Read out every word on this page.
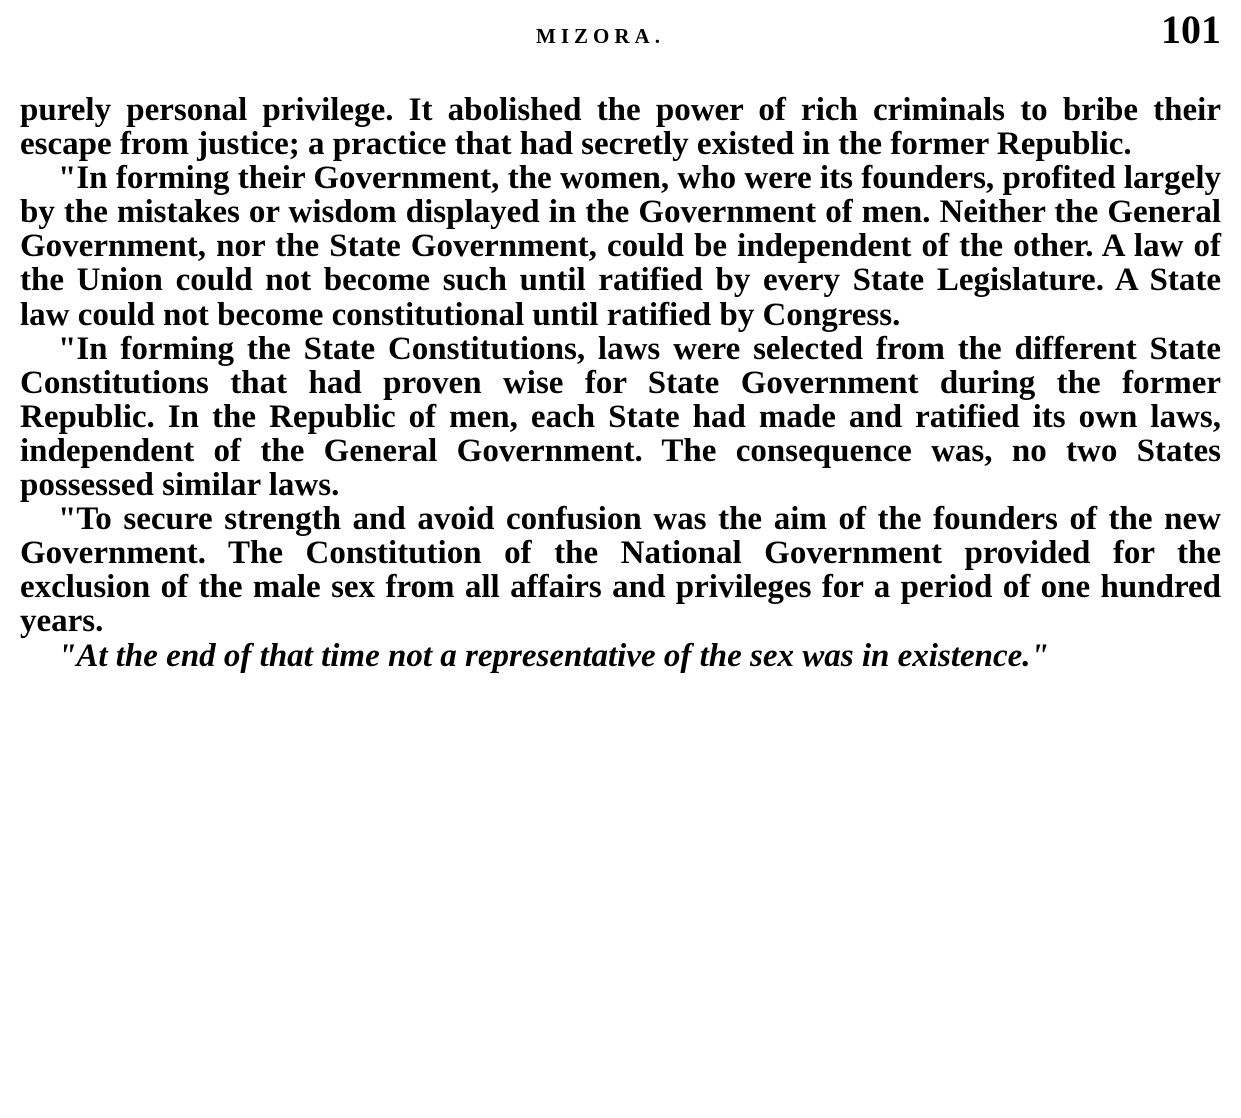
MIZORA.	101

purely personal privilege. It abolished the power of rich criminals to bribe their escape from justice; a practice that had secretly existed in the former Republic.

"In forming their Government, the women, who were its founders, profited largely by the mistakes or wisdom displayed in the Government of men. Neither the General Government, nor the State Government, could be independent of the other. A law of the Union could not become such until ratified by every State Legislature. A State law could not become constitutional until ratified by Congress.

"In forming the State Constitutions, laws were selected from the different State Constitutions that had proven wise for State Government during the former Republic. In the Republic of men, each State had made and ratified its own laws, independent of the General Government. The consequence was, no two States possessed similar laws.

"To secure strength and avoid confusion was the aim of the founders of the new Government. The Constitution of the National Government provided for the exclusion of the male sex from all affairs and privileges for a period of one hundred years.

"At the end of that time not a representative of the sex was in existence."
